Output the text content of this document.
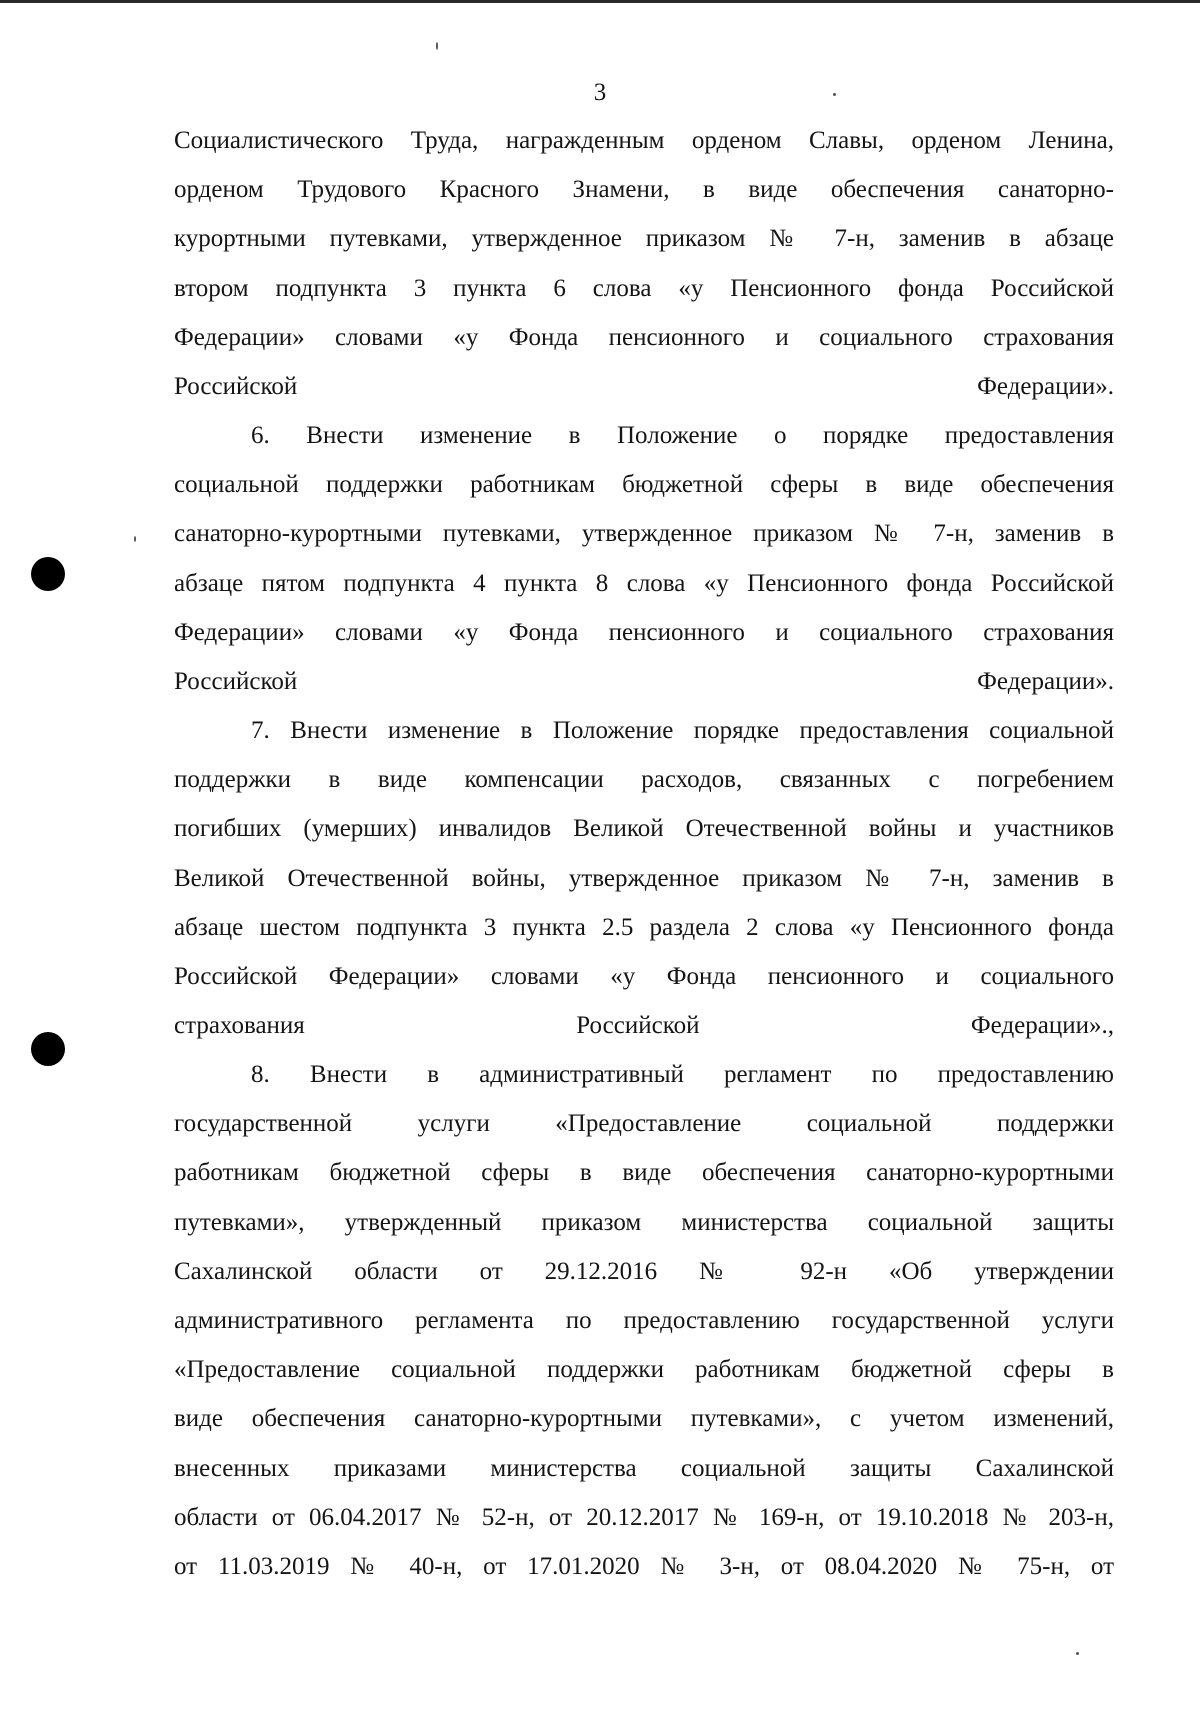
3
Социалистического Труда, награжденным орденом Славы, орденом Ленина,
орденом Трудового Красного Знамени, в виде обеспечения санаторно-
курортными путевками, утвержденное приказом № 7-н, заменив в абзаце
втором подпункта 3 пункта 6 слова «у Пенсионного фонда Российской
Федерации» словами «у Фонда пенсионного и социального страхования
Российской Федерации».
6. Внести изменение в Положение о порядке предоставления
социальной поддержки работникам бюджетной сферы в виде обеспечения
санаторно-курортными путевками, утвержденное приказом № 7-н, заменив в
абзаце пятом подпункта 4 пункта 8 слова «у Пенсионного фонда Российской
Федерации» словами «у Фонда пенсионного и социального страхования
Российской Федерации».
7. Внести изменение в Положение порядке предоставления социальной
поддержки в виде компенсации расходов, связанных с погребением
погибших (умерших) инвалидов Великой Отечественной войны и участников
Великой Отечественной войны, утвержденное приказом № 7-н, заменив в
абзаце шестом подпункта 3 пункта 2.5 раздела 2 слова «у Пенсионного фонда
Российской Федерации» словами «у Фонда пенсионного и социального
страхования Российской Федерации».,
8. Внести в административный регламент по предоставлению
государственной услуги «Предоставление социальной поддержки
работникам бюджетной сферы в виде обеспечения санаторно-курортными
путевками», утвержденный приказом министерства социальной защиты
Сахалинской области от 29.12.2016 № 92-н «Об утверждении
административного регламента по предоставлению государственной услуги
«Предоставление социальной поддержки работникам бюджетной сферы в
виде обеспечения санаторно-курортными путевками», с учетом изменений,
внесенных приказами министерства социальной защиты Сахалинской
области от 06.04.2017 № 52-н, от 20.12.2017 № 169-н, от 19.10.2018 № 203-н,
от 11.03.2019 № 40-н, от 17.01.2020 № 3-н, от 08.04.2020 № 75-н, от
